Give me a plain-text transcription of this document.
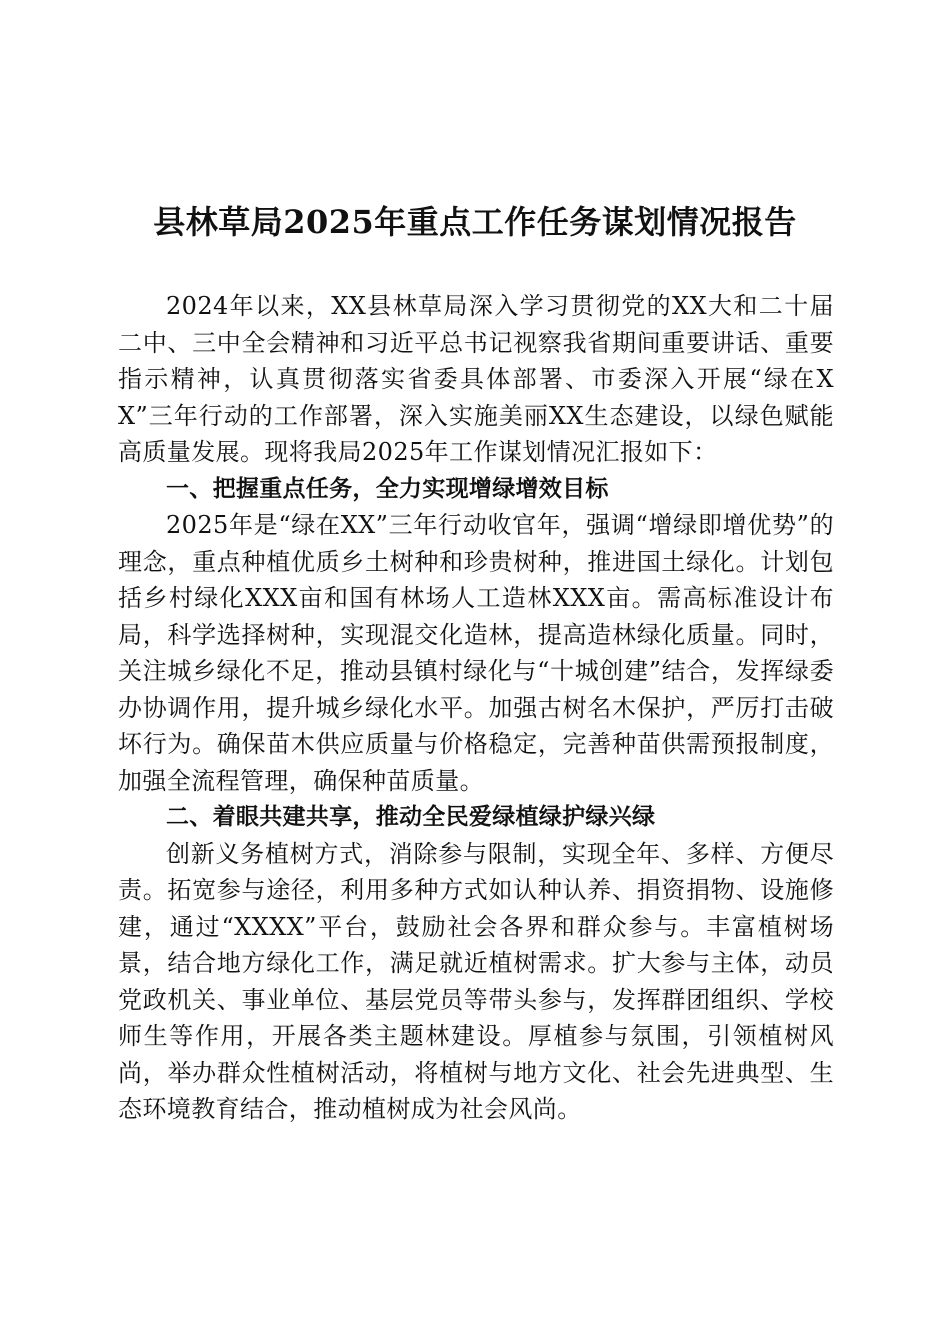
县林草局2025年重点工作任务谋划情况报告

2024年以来，XX县林草局深入学习贯彻党的XX大和二十届二中、三中全会精神和习近平总书记视察我省期间重要讲话、重要指示精神，认真贯彻落实省委具体部署、市委深入开展“绿在XX”三年行动的工作部署，深入实施美丽XX生态建设，以绿色赋能高质量发展。现将我局2025年工作谋划情况汇报如下：

一、把握重点任务，全力实现增绿增效目标

2025年是“绿在XX”三年行动收官年，强调“增绿即增优势”的理念，重点种植优质乡土树种和珍贵树种，推进国土绿化。计划包括乡村绿化XXX亩和国有林场人工造林XXX亩。需高标准设计布局，科学选择树种，实现混交化造林，提高造林绿化质量。同时，关注城乡绿化不足，推动县镇村绿化与“十城创建”结合，发挥绿委办协调作用，提升城乡绿化水平。加强古树名木保护，严厉打击破坏行为。确保苗木供应质量与价格稳定，完善种苗供需预报制度，加强全流程管理，确保种苗质量。

二、着眼共建共享，推动全民爱绿植绿护绿兴绿

创新义务植树方式，消除参与限制，实现全年、多样、方便尽责。拓宽参与途径，利用多种方式如认种认养、捐资捐物、设施修建，通过“XXXX”平台，鼓励社会各界和群众参与。丰富植树场景，结合地方绿化工作，满足就近植树需求。扩大参与主体，动员党政机关、事业单位、基层党员等带头参与，发挥群团组织、学校师生等作用，开展各类主题林建设。厚植参与氛围，引领植树风尚，举办群众性植树活动，将植树与地方文化、社会先进典型、生态环境教育结合，推动植树成为社会风尚。
